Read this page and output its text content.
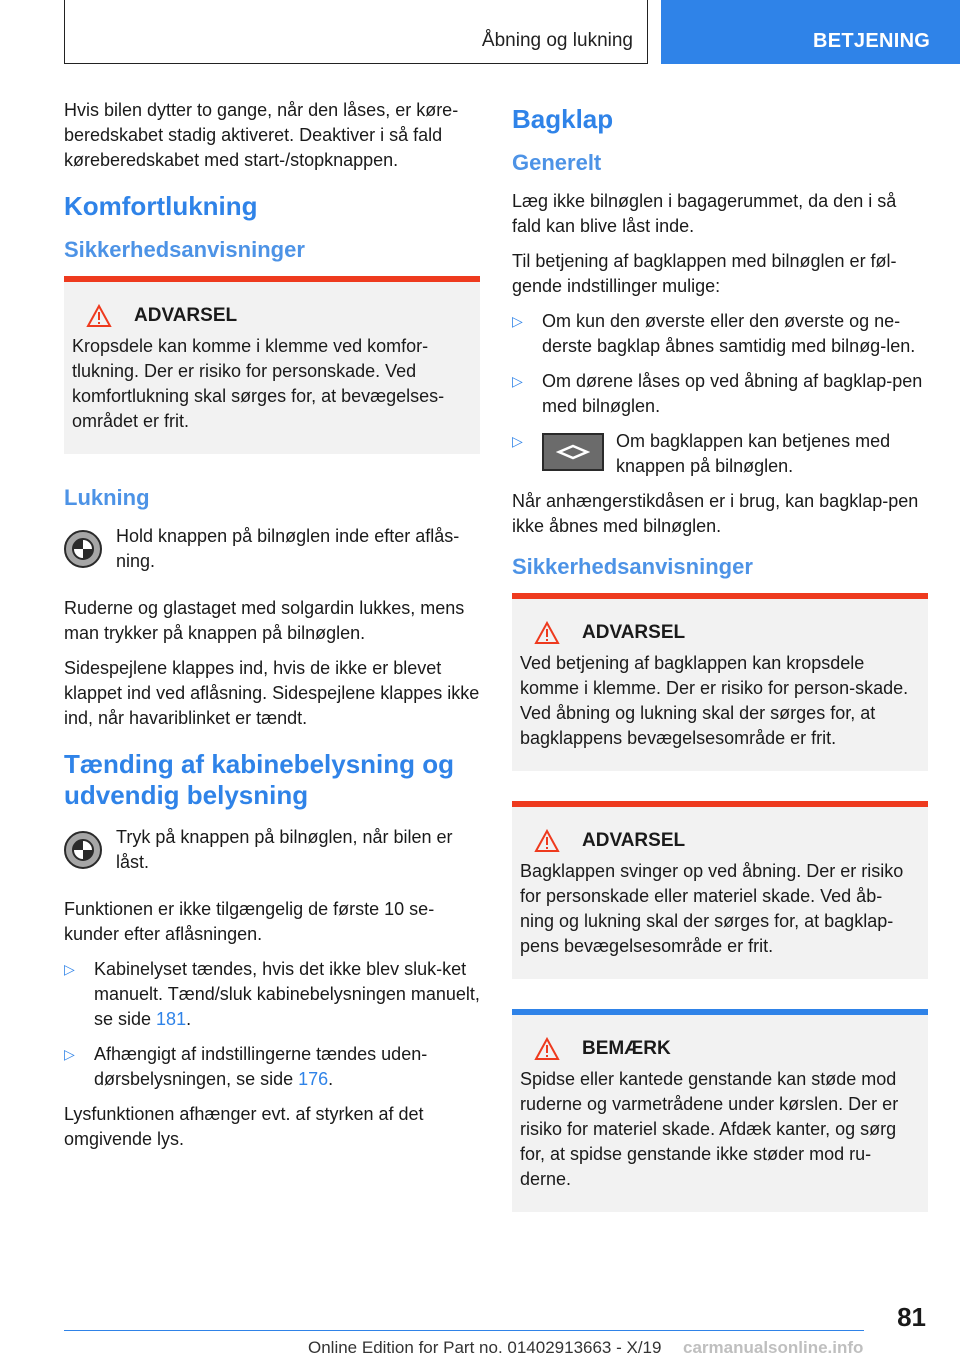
Åbning og lukning	BETJENING

Hvis bilen dytter to gange, når den låses, er køre-beredskabet stadig aktiveret. Deaktiver i så fald køreberedskabet med start-/stopknappen.

Komfortlukning
Sikkerhedsanvisninger
ADVARSEL

Kropsdele kan komme i klemme ved komfor-tlukning. Der er risiko for personskade. Ved komfortlukning skal sørges for, at bevægelses-området er frit.

Lukning

Hold knappen på bilnøglen inde efter aflås-ning.

Ruderne og glastaget med solgardin lukkes, mens man trykker på knappen på bilnøglen.

Sidespejlene klappes ind, hvis de ikke er blevet klappet ind ved aflåsning. Sidespejlene klappes ikke ind, når havariblinket er tændt.

Tænding af kabinebelysning og udvendig belysning

Tryk på knappen på bilnøglen, når bilen er låst.

Funktionen er ikke tilgængelig de første 10 se-kunder efter aflåsningen.

▷ Kabinelyset tændes, hvis det ikke blev sluk-ket manuelt. Tænd/sluk kabinebelysningen manuelt, se side 181.
▷ Afhængigt af indstillingerne tændes uden-dørsbelysningen, se side 176.

Lysfunktionen afhænger evt. af styrken af det omgivende lys.

Bagklap
Generelt

Læg ikke bilnøglen i bagagerummet, da den i så fald kan blive låst inde.

Til betjening af bagklappen med bilnøglen er føl-gende indstillinger mulige:

▷ Om kun den øverste eller den øverste og ne-derste bagklap åbnes samtidig med bilnøg-len.
▷ Om dørene låses op ved åbning af bagklap-pen med bilnøglen.
▷	Om bagklappen kan betjenes med knappen på bilnøglen.

Når anhængerstikdåsen er i brug, kan bagklap-pen ikke åbnes med bilnøglen.

Sikkerhedsanvisninger
ADVARSEL

Ved betjening af bagklappen kan kropsdele komme i klemme. Der er risiko for person-skade. Ved åbning og lukning skal der sørges for, at bagklappens bevægelsesområde er frit.

ADVARSEL

Bagklappen svinger op ved åbning. Der er risiko for personskade eller materiel skade. Ved åb-ning og lukning skal der sørges for, at bagklap-pens bevægelsesområde er frit.

BEMÆRK

Spidse eller kantede genstande kan støde mod ruderne og varmetrådene under kørslen. Der er risiko for materiel skade. Afdæk kanter, og sørg for, at spidse genstande ikke støder mod ru-derne.

81
Online Edition for Part no. 01402913663 - X/19 carmanualsonline.info
